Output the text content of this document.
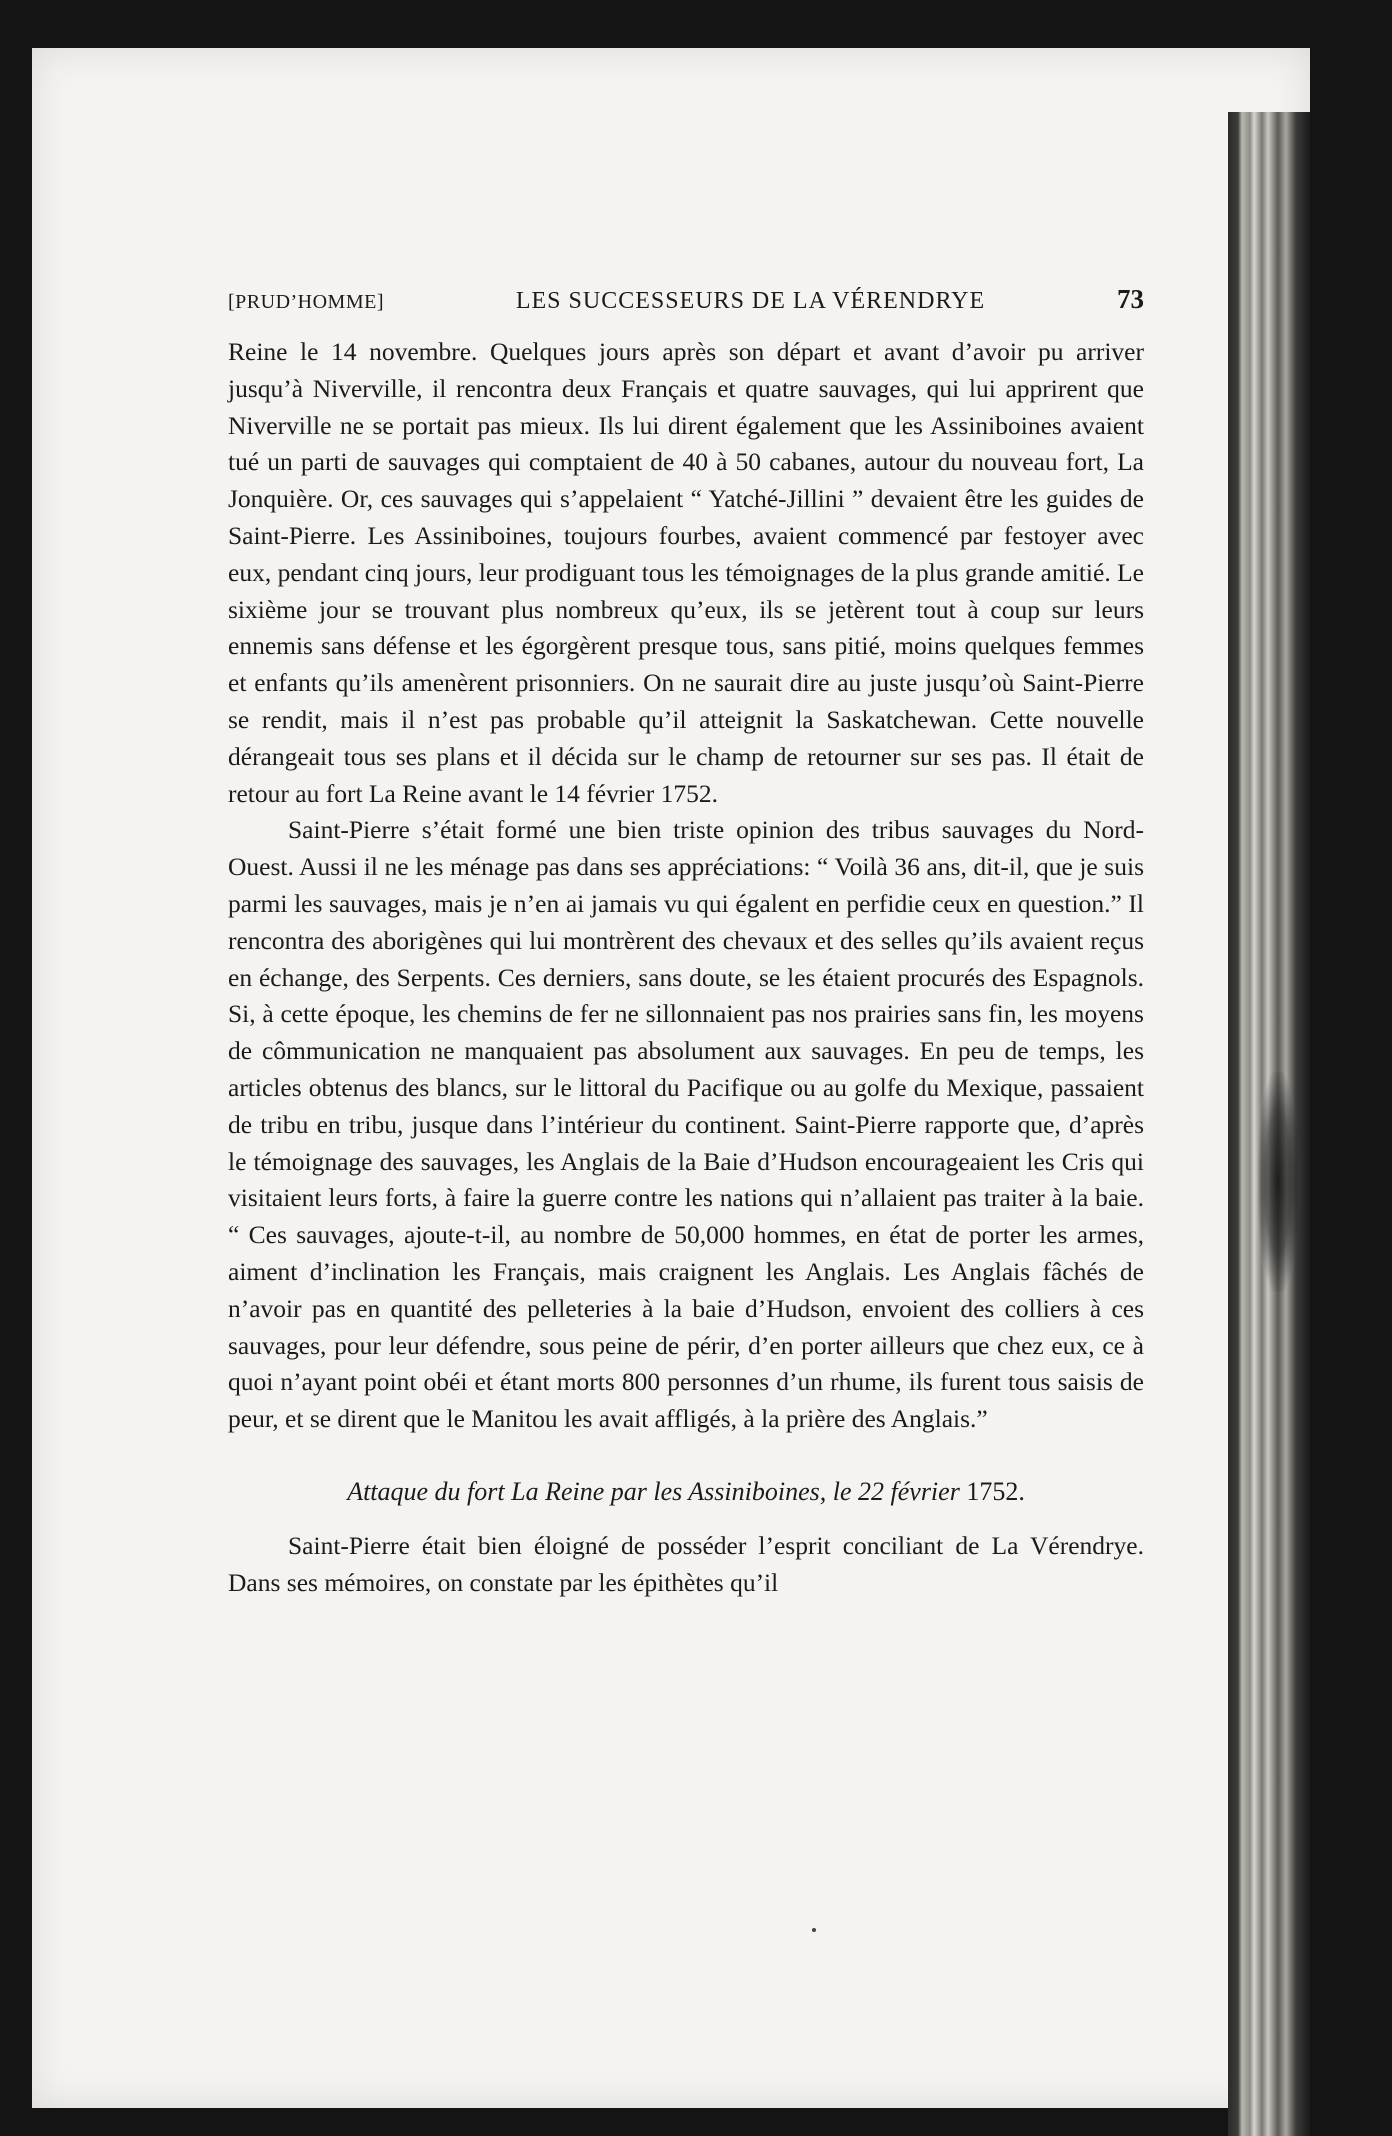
[PRUD’HOMME]	LES SUCCESSEURS DE LA VÉRENDRYE	73

Reine le 14 novembre. Quelques jours après son départ et avant d’avoir pu arriver jusqu’à Niverville, il rencontra deux Français et quatre sauvages, qui lui apprirent que Niverville ne se portait pas mieux. Ils lui dirent également que les Assiniboines avaient tué un parti de sauvages qui comptaient de 40 à 50 cabanes, autour du nouveau fort, La Jonquière. Or, ces sauvages qui s’appelaient “ Yatché-Jillini ” devaient être les guides de Saint-Pierre. Les Assiniboines, toujours fourbes, avaient commencé par festoyer avec eux, pendant cinq jours, leur prodiguant tous les témoignages de la plus grande amitié. Le sixième jour se trouvant plus nombreux qu’eux, ils se jetèrent tout à coup sur leurs ennemis sans défense et les égorgèrent presque tous, sans pitié, moins quelques femmes et enfants qu’ils amenèrent prisonniers. On ne saurait dire au juste jusqu’où Saint-Pierre se rendit, mais il n’est pas probable qu’il atteignit la Saskatchewan. Cette nouvelle dérangeait tous ses plans et il décida sur le champ de retourner sur ses pas. Il était de retour au fort La Reine avant le 14 février 1752.

Saint-Pierre s’était formé une bien triste opinion des tribus sauvages du Nord-Ouest. Aussi il ne les ménage pas dans ses appréciations: “ Voilà 36 ans, dit-il, que je suis parmi les sauvages, mais je n’en ai jamais vu qui égalent en perfidie ceux en question.” Il rencontra des aborigènes qui lui montrèrent des chevaux et des selles qu’ils avaient reçus en échange, des Serpents. Ces derniers, sans doute, se les étaient procurés des Espagnols. Si, à cette époque, les chemins de fer ne sillonnaient pas nos prairies sans fin, les moyens de cômmunication ne manquaient pas absolument aux sauvages. En peu de temps, les articles obtenus des blancs, sur le littoral du Pacifique ou au golfe du Mexique, passaient de tribu en tribu, jusque dans l’intérieur du continent. Saint-Pierre rapporte que, d’après le témoignage des sauvages, les Anglais de la Baie d’Hudson encourageaient les Cris qui visitaient leurs forts, à faire la guerre contre les nations qui n’allaient pas traiter à la baie. “ Ces sauvages, ajoute-t-il, au nombre de 50,000 hommes, en état de porter les armes, aiment d’inclination les Français, mais craignent les Anglais. Les Anglais fâchés de n’avoir pas en quantité des pelleteries à la baie d’Hudson, envoient des colliers à ces sauvages, pour leur défendre, sous peine de périr, d’en porter ailleurs que chez eux, ce à quoi n’ayant point obéi et étant morts 800 personnes d’un rhume, ils furent tous saisis de peur, et se dirent que le Manitou les avait affligés, à la prière des Anglais.”

Attaque du fort La Reine par les Assiniboines, le 22 février 1752.

Saint-Pierre était bien éloigné de posséder l’esprit conciliant de La Vérendrye. Dans ses mémoires, on constate par les épithètes qu’il
